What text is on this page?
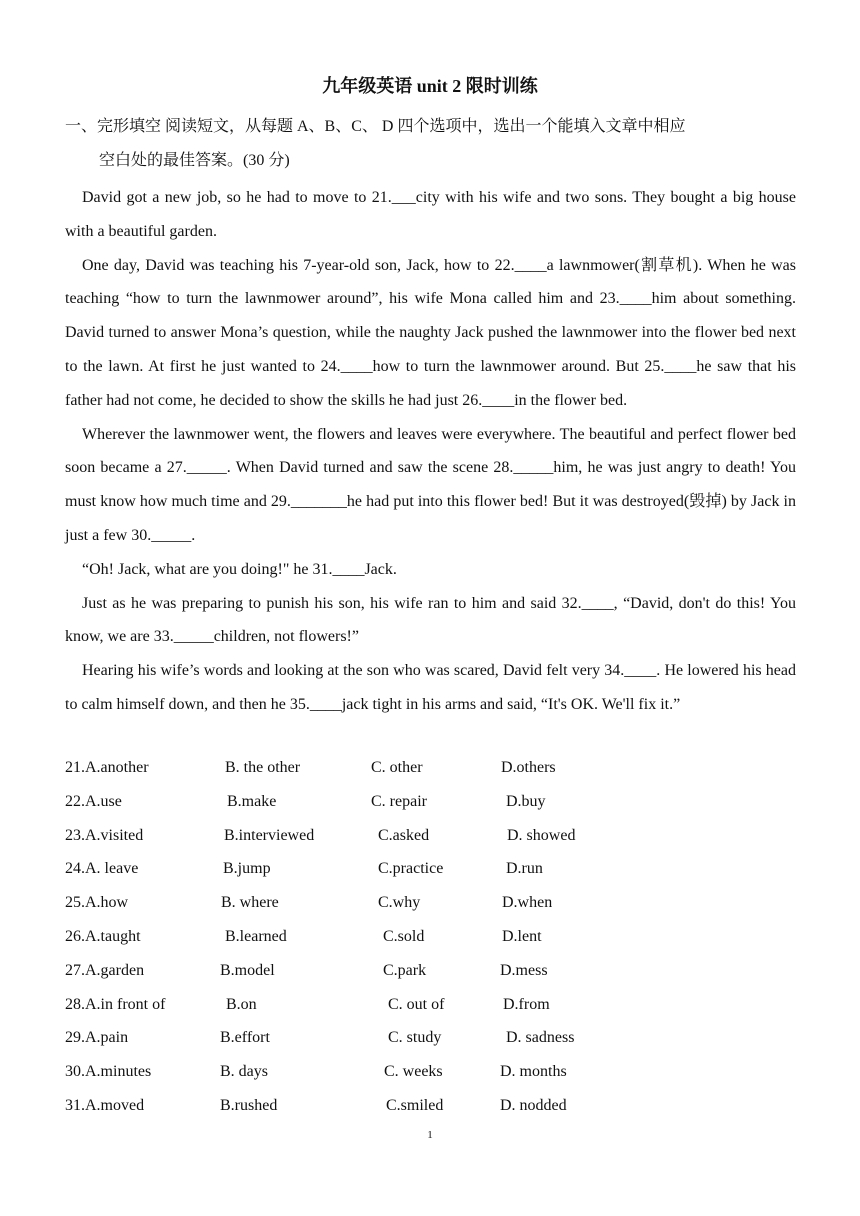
九年级英语 unit 2 限时训练
一、完形填空 阅读短文，从每题 A、B、C、 D 四个选项中，选出一个能填入文章中相应
空白处的最佳答案。(30 分)

David got a new job, so he had to move to 21.___city with his wife and two sons. They bought a big house with a beautiful garden.

One day, David was teaching his 7-year-old son, Jack, how to 22.____a lawnmower(割草机). When he was teaching “how to turn the lawnmower around”, his wife Mona called him and 23.____him about something. David turned to answer Mona’s question, while the naughty Jack pushed the lawnmower into the flower bed next to the lawn. At first he just wanted to 24.____how to turn the lawnmower around. But 25.____he saw that his father had not come, he decided to show the skills he had just 26.____in the flower bed.

Wherever the lawnmower went, the flowers and leaves were everywhere. The beautiful and perfect flower bed soon became a 27._____. When David turned and saw the scene 28._____him, he was just angry to death! You must know how much time and 29._______he had put into this flower bed! But it was destroyed(毁掉) by Jack in just a few 30._____.

“Oh! Jack, what are you doing!" he 31.____Jack.

Just as he was preparing to punish his son, his wife ran to him and said 32.____, “David, don't do this! You know, we are 33._____children, not flowers!”

Hearing his wife’s words and looking at the son who was scared, David felt very 34.____. He lowered his head to calm himself down, and then he 35.____jack tight in his arms and said, “It's OK. We'll fix it.”

21.A.another	B. the other	C. other	D.others
22.A.use	B.make	C. repair	D.buy
23.A.visited	B.interviewed	C.asked	D. showed
24.A. leave	B.jump	C.practice	D.run
25.A.how	B. where	C.why	D.when
26.A.taught	B.learned	C.sold	D.lent
27.A.garden	B.model	C.park	D.mess
28.A.in front of	B.on	C. out of	D.from
29.A.pain	B.effort	C. study	D. sadness
30.A.minutes	B. days	C. weeks	D. months
31.A.moved	B.rushed	C.smiled	D. nodded
1
